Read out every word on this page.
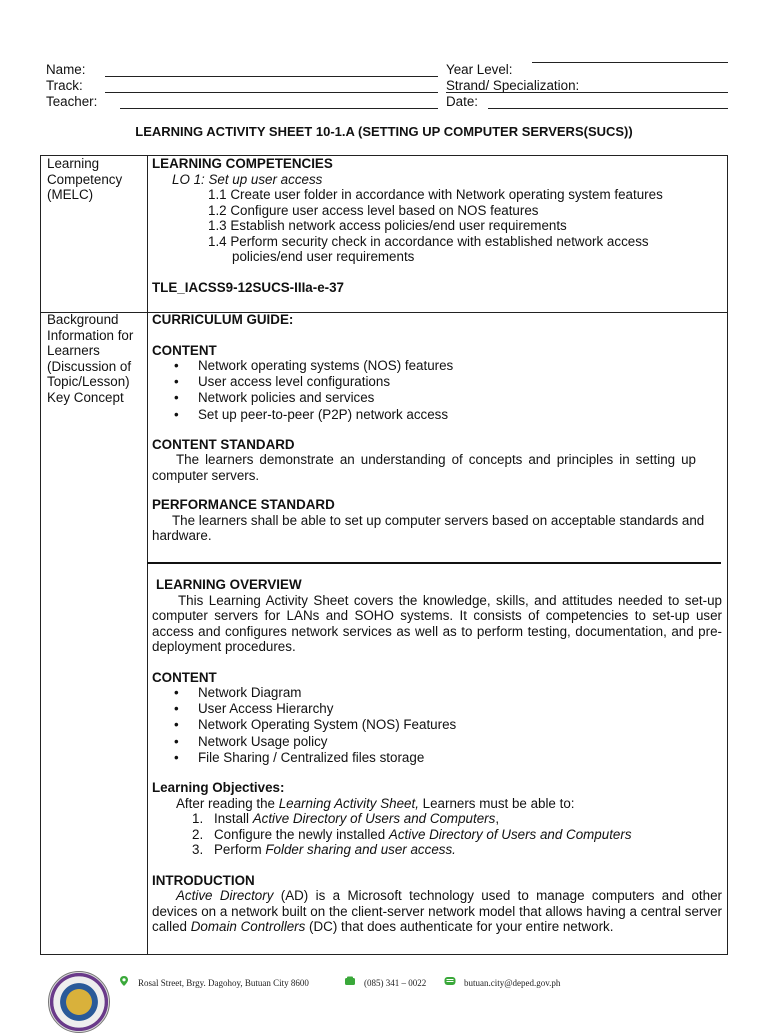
Name:
Track:
Teacher:
Year Level:
Strand/ Specialization:
Date:
LEARNING ACTIVITY SHEET 10-1.A (SETTING UP COMPUTER SERVERS(SUCS))
Learning
Competency
(MELC)
LEARNING COMPETENCIES
LO 1: Set up user access
1.1 Create user folder in accordance with Network operating system features
1.2 Configure user access level based on NOS features
1.3 Establish network access policies/end user requirements
1.4 Perform security check in accordance with established network access
policies/end user requirements
TLE_IACSS9-12SUCS-IIIa-e-37
Background
Information for
Learners
(Discussion of
Topic/Lesson)
Key Concept
CURRICULUM GUIDE:
CONTENT
• Network operating systems (NOS) features
• User access level configurations
• Network policies and services
• Set up peer-to-peer (P2P) network access
CONTENT STANDARD
The learners demonstrate an understanding of concepts and principles in setting up computer servers.
PERFORMANCE STANDARD
The learners shall be able to set up computer servers based on acceptable standards and hardware.
LEARNING OVERVIEW
This Learning Activity Sheet covers the knowledge, skills, and attitudes needed to set-up computer servers for LANs and SOHO systems. It consists of competencies to set-up user access and configures network services as well as to perform testing, documentation, and pre-deployment procedures.
CONTENT
• Network Diagram
• User Access Hierarchy
• Network Operating System (NOS) Features
• Network Usage policy
• File Sharing / Centralized files storage
Learning Objectives:
After reading the Learning Activity Sheet, Learners must be able to:
1. Install Active Directory of Users and Computers,
2. Configure the newly installed Active Directory of Users and Computers
3. Perform Folder sharing and user access.
INTRODUCTION
Active Directory (AD) is a Microsoft technology used to manage computers and other devices on a network built on the client-server network model that allows having a central server called Domain Controllers (DC) that does authenticate for your entire network.
Rosal Street, Brgy. Dagohoy, Butuan City 8600	(085) 341 – 0022	butuan.city@deped.gov.ph
